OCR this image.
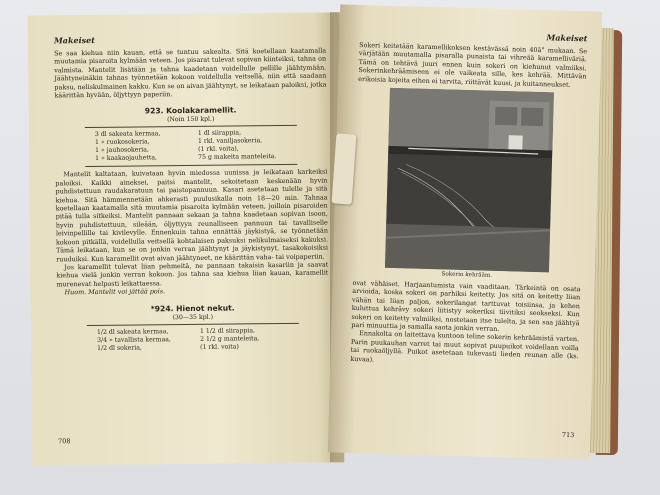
Makeiset

Se saa kiehua niin kauan, että se tuntuu sakealta. Sitä koetellaan kaatamalla muutamia pisaroita kylmään veteen. Jos pisarat tulevat sopivan kiinteiksi, tahna on valmista. Mantelit lisätään ja tahna kaadetaan voidellulle pellille jäähtymään. Jäähtyneinäkin tahnas työnnetään kokoon voidellulla veitsellä, niin että saadaan paksu, neliskulmainen kakku. Kun se on aivan jäähtynyt, se leikataan paloiksi, jotka käärittän hyvään, öljyttyyn paperiin.

923. Koolakaramellit.

(Noin 150 kpl.)

3 dl sakeata kermaa,
1 » ruokosokeria,
1 » jauhosokeria,
1 » kaakaojauhetta,
1 dl siirappia,
1 rkl. vaniljasokeria,
(1 rkl. voita),
75 g makeita manteleita.

Mantelit kaltataan, kuivataan hyvin miedossa uunissa ja leikataan karkeiksi paloiksi. Kaikki aineksei, paitsi mantelit, sekoitetaan keskenään hyvin puhdistettuun raudakaratuun tai paistopannuun. Kasari asetetaan tulelle ja sitä kiehua. Sitä hämmennetään ahkerasti puulusikalla noin 18—20 min. Tahnaa koetellaan kaatamalla sitä muutamia pisaroita kylmään veteen, joilloin pisaroiden pitää tulla sitkeiksi. Mantelit pannaan sekaan ja tahna kaadetaan sopivan isoon, hyvin puhdistettuun, sileään, öljyttyyn reunalliseen pannuun tai tavalliselle leivinpellille tai kivilevylle. Ennenkuin tahna ennättää jäykistyä, se työnnetään kokoon pitkällä, voidellulla veitsellä kohtalaisen paksuksi nelikulmaiseksi kakuksi. Tämä leikataan, kun se on jonkin verran jäähtynyt ja jäykistynyt, tasakokoisiksi ruuduiksi. Kun karamellit ovat aivan jäähtyneet, ne käärittän vaha- tai voipaperiin.

Jos karamellit tulevat liian pehmeitä, ne pannaan takaisin kasariin ja saavat kiehua vielä jonkin verran kokoon. Jos tahna saa kiehua liian kauan, karamellit murenevat helposti leikattaessa.

Huom. Mantelit voi jättää pois.

*924. Hienot nekut.

(30—35 kpl.)

1/2 dl sakeata kermaa,
3/4 » tavallista kermaa,
1/2 dl sokeria,
1 1/2 dl siirappia,
2 1/2 g manteleita,
(1 rkl. voita)
708

Makeiset

Sokeri keitetään karamellikoksen kestävässä noin 40â° mukaan. Se värjätään muutamalla pisaralla punaista tai vihreää karamelliväriä. Tämä on tehtävä juuri ennen kuin sokeri on kiehunut valmiiksi. Sokerinkehräämiseen ei ole vaikeata sille, kes kehrää. Mittävän erikoisia kojeita eihen ei tarvita, riittävät kuusi, ja kuitanneukset.

Sokerin kehrääm.

ovat vähäiset. Harjaantumista vain vaaditaan. Tärkeintä on osata arvioida, koska sokeri on parhiksi keitetty. Jos sitä on keitetty liian vähän tai liian paljon, sokerilangat tarttuvat toisiinsa, ja kehen kuluttua kehrävy sokeri liitistyy sokeriksi tiivitiksi seokseksi. Kun sokeri on keitetty valmiiksi, nostetaan itse tulelta, ja sen saa jäähtyä pari minuuttia ja samalla saota jonkin verran.

Ennakolta on laitettava kuntoon teline sokerin kehräämistä varten. Parin puukauhan varret tai muut sopivat puupuikot voidellaan voilla tai ruokaöljyllä. Puikot asetetaan tukevasti lieden reunan alle (ks. kuvaa).

713
